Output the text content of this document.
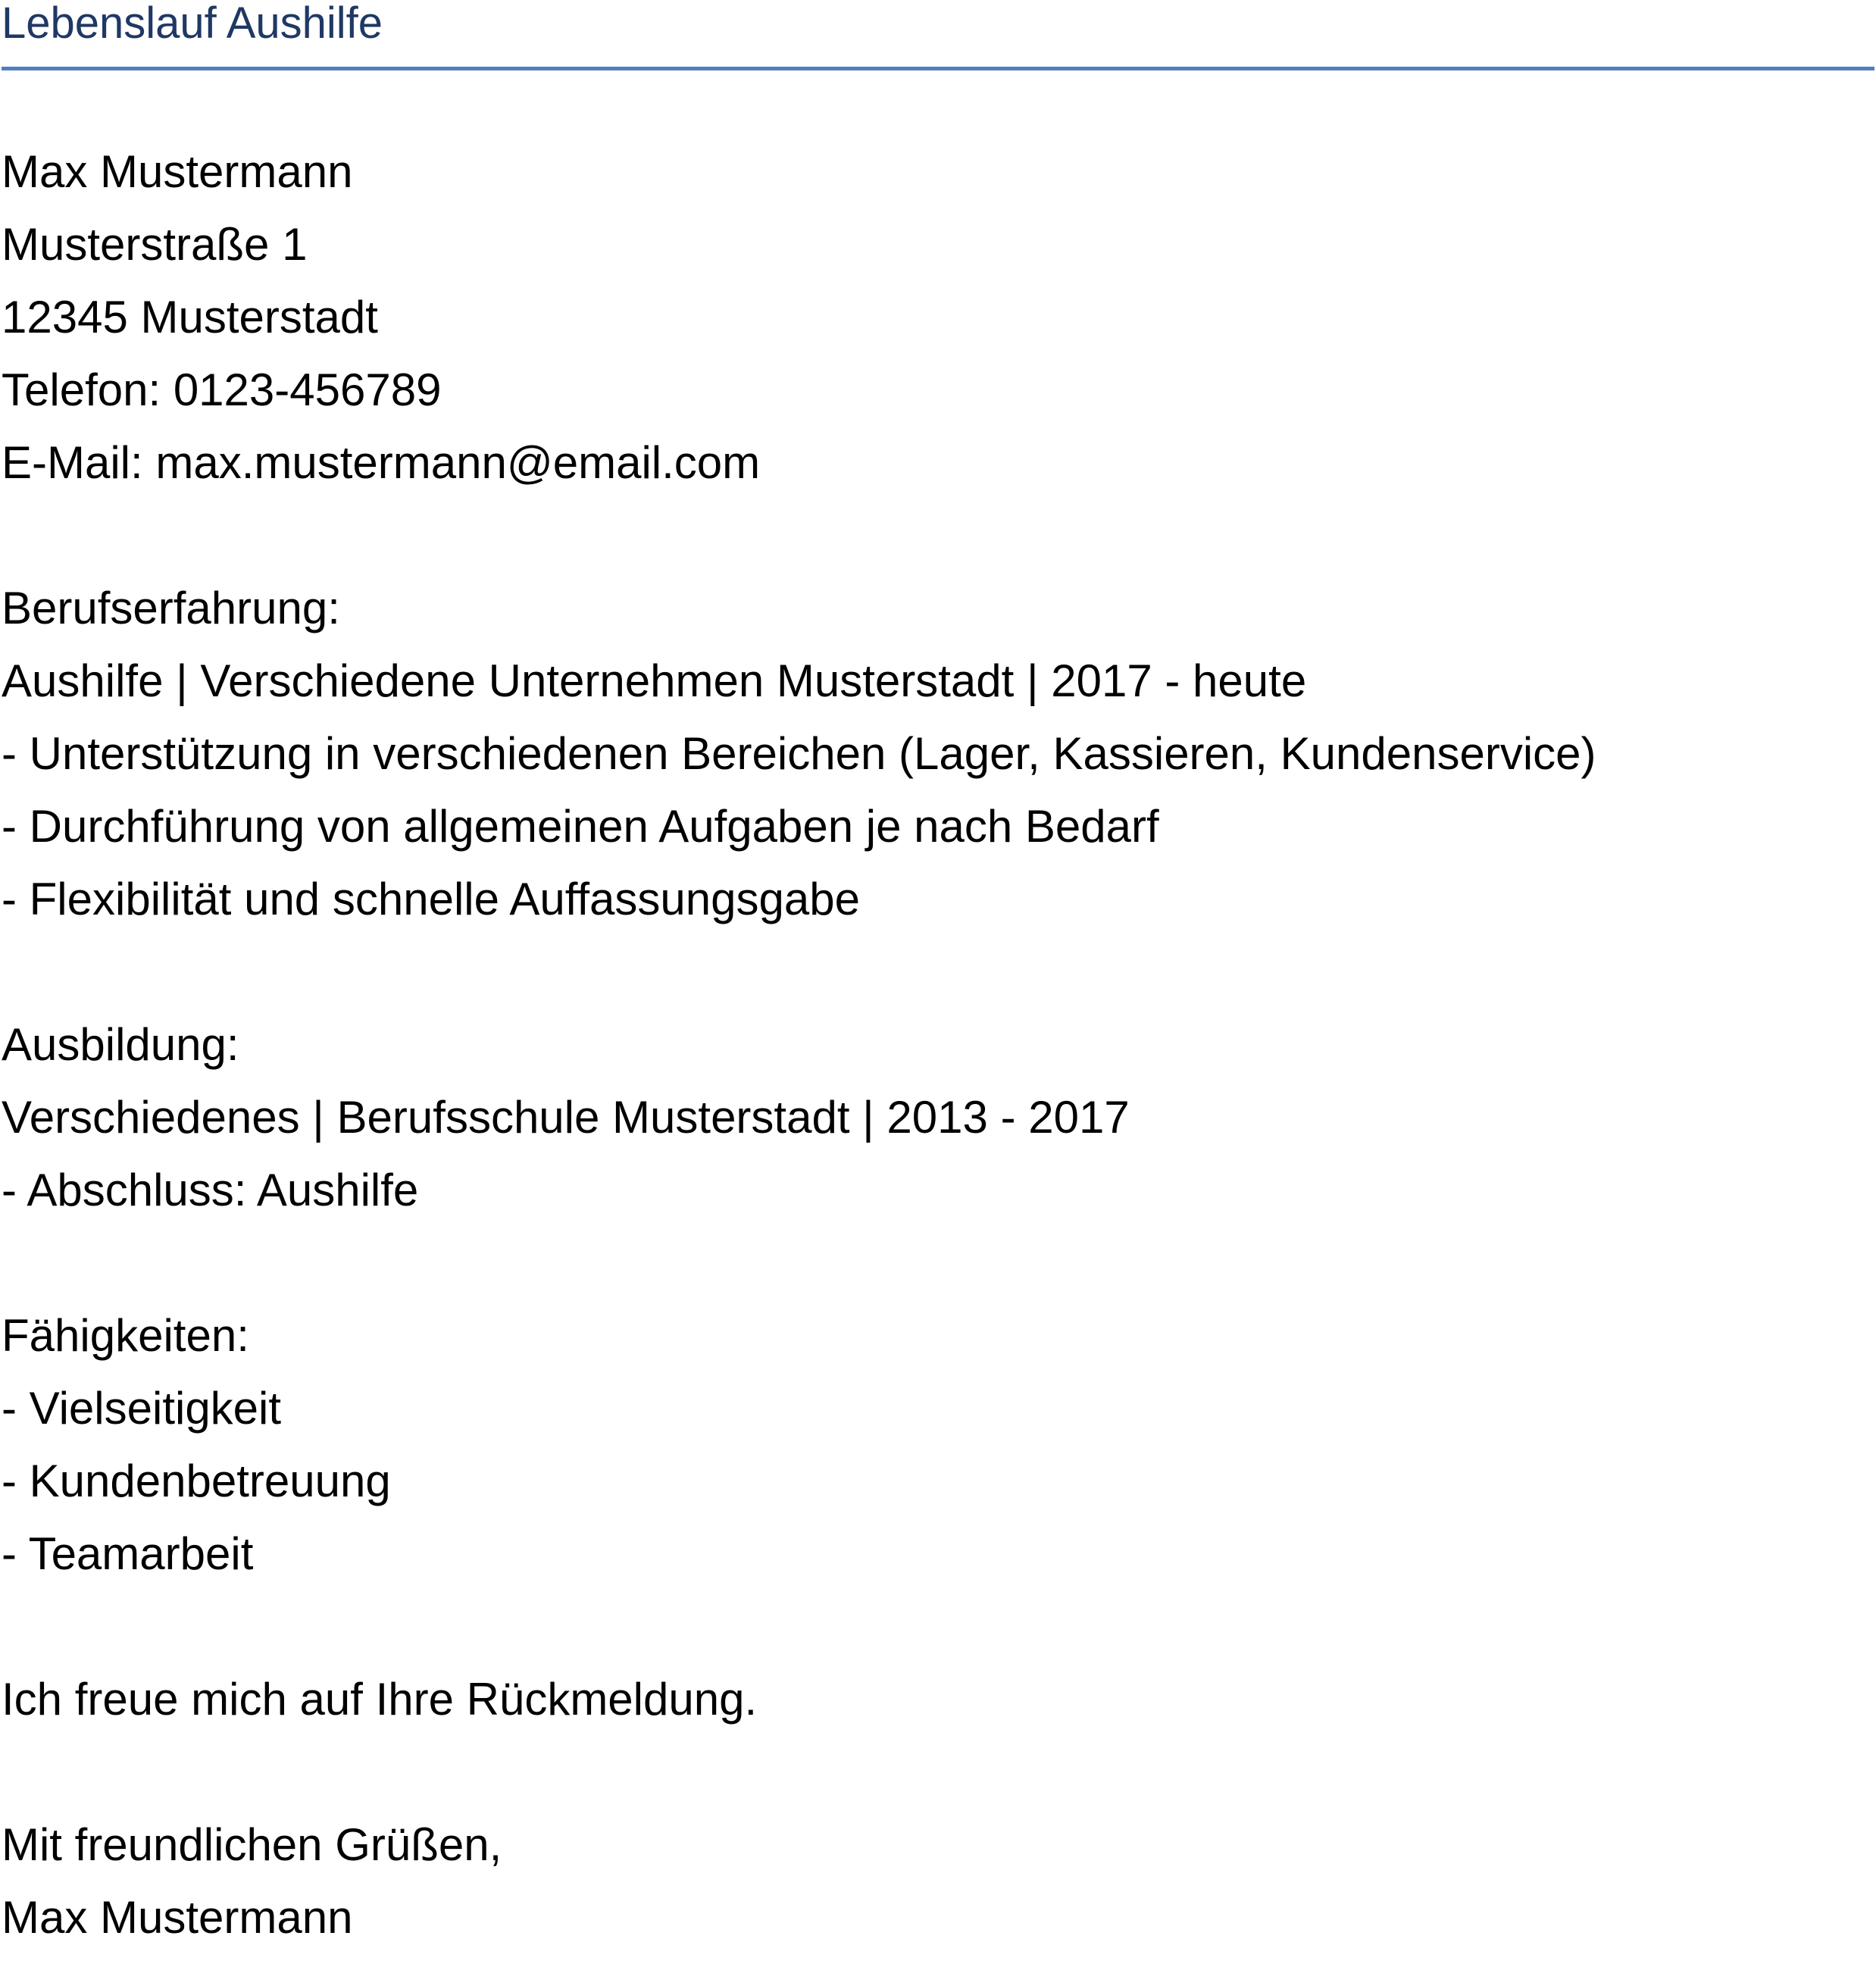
Lebenslauf Aushilfe
Max Mustermann
Musterstraße 1
12345 Musterstadt
Telefon: 0123-456789
E-Mail: max.mustermann@email.com
Berufserfahrung:
Aushilfe | Verschiedene Unternehmen Musterstadt | 2017 - heute
- Unterstützung in verschiedenen Bereichen (Lager, Kassieren, Kundenservice)
- Durchführung von allgemeinen Aufgaben je nach Bedarf
- Flexibilität und schnelle Auffassungsgabe
Ausbildung:
Verschiedenes | Berufsschule Musterstadt | 2013 - 2017
- Abschluss: Aushilfe
Fähigkeiten:
- Vielseitigkeit
- Kundenbetreuung
- Teamarbeit
Ich freue mich auf Ihre Rückmeldung.
Mit freundlichen Grüßen,
Max Mustermann
